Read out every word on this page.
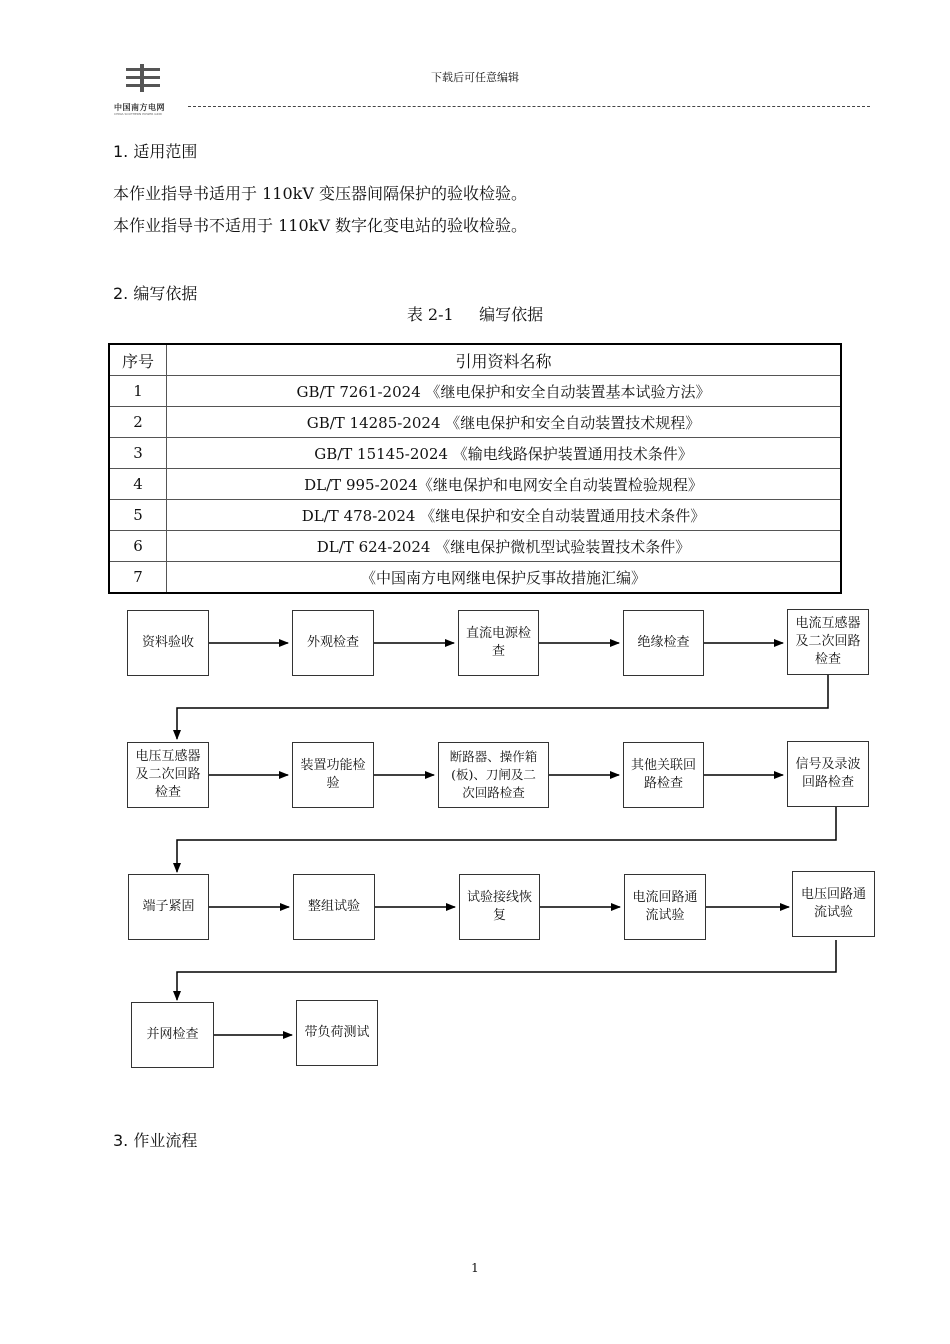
中国南方电网
CHINA SOUTHERN POWER GRID
下载后可任意编辑
1. 适用范围
本作业指导书适用于 110kV 变压器间隔保护的验收检验。
本作业指导书不适用于 110kV 数字化变电站的验收检验。
2. 编写依据
表 2-1     编写依据
序号	引用资料名称
1	GB/T 7261-2024 《继电保护和安全自动装置基本试验方法》
2	GB/T 14285-2024 《继电保护和安全自动装置技术规程》
3	GB/T 15145-2024 《输电线路保护装置通用技术条件》
4	DL/T 995-2024《继电保护和电网安全自动装置检验规程》
5	DL/T 478-2024 《继电保护和安全自动装置通用技术条件》
6	DL/T 624-2024 《继电保护微机型试验装置技术条件》
7	《中国南方电网继电保护反事故措施汇编》
资料验收	外观检查
直流电源检
查
绝缘检查
电流互感器
及二次回路
检查
电压互感器
及二次回路
检查
装置功能检
验
断路器、操作箱
(板)、刀闸及二
次回路检查
其他关联回
路检查
信号及录波
回路检查
端子紧固	整组试验
试验接线恢
复
电流回路通
流试验
电压回路通
流试验
并网检查	带负荷测试
3. 作业流程
1
